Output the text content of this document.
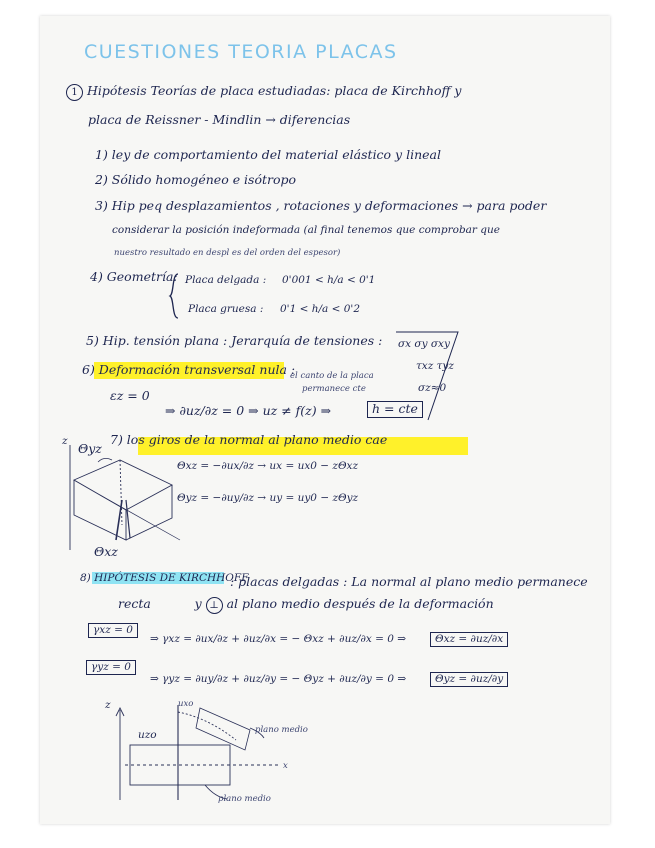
CUESTIONES TEORIA PLACAS
1 Hipótesis Teorías de placa estudiadas: placa de Kirchhoff y
placa de Reissner - Mindlin → diferencias
1) ley de comportamiento del material elástico y lineal
2) Sólido homogéneo e isótropo
3) Hip peq desplazamientos , rotaciones y deformaciones → para poder
considerar la posición indeformada (al final tenemos que comprobar que
nuestro resultado en despl es del orden del espesor)
4) Geometría: Placa delgada : 0'001 < h/a < 0'1
Placa gruesa : 0'1 < h/a < 0'2
5) Hip. tensión plana : Jerarquía de tensiones : σx σy σxy
τxz τyz
σz≈0
6) Deformación transversal nula :
el canto de la placa
permanece cte
εz = 0
⇒ ∂uz/∂z = 0 ⇒ uz ≠ f(z) ⇒	h = cte
7) los giros de la normal al plano medio cae
Θyz
z
Θxz = −∂ux/∂z → ux = ux0 − zΘxz
Θyz = −∂uy/∂z → uy = uy0 − zΘyz
Θxz
8) HIPÓTESIS DE KIRCHHOFF
: placas delgadas : La normal al plano medio permanece
recta	y ⊥ al plano medio después de la deformación
γxz = 0
⇒ γxz = ∂ux/∂z + ∂uz/∂x = − Θxz + ∂uz/∂x = 0 ⇒	Θxz = ∂uz/∂x
γyz = 0
⇒ γyz = ∂uy/∂z + ∂uz/∂y = − Θyz + ∂uz/∂y = 0 ⇒	Θyz = ∂uz/∂y
z	uxo
uzo	plano medio
x
plano medio
